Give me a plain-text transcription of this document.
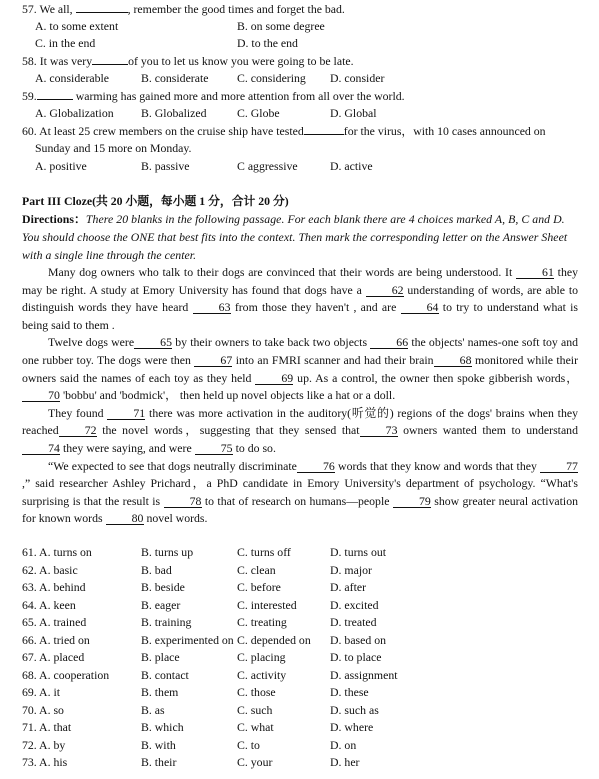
57. We all,	, remember the good times and forget the bad.
A. to some extent	B. on some degree
C. in the end	D. to the end
58. It was very	of you to let us know you were going to be late.
A. considerable	B. considerate C. considering D. consider
59.	warming has gained more and more attention from all over the world.
A. Globalization B. Globalized	C. Globe	D. Global
60. At least 25 crew members on the cruise ship have tested	for the virus，with 10 cases announced on
Sunday and 15 more on Monday.
A. positive	B. passive	C aggressive	D. active
Part III Cloze(共 20 小题，每小题 1 分，合计 20 分)
Directions：There 20 blanks in the following passage. For each blank there are 4 choices marked A, B, C and D.
You should choose the ONE that best fits into the context. Then mark the corresponding letter on the Answer Sheet
with a single line through the center.

Many dog owners who talk to their dogs are convinced that their words are being understood. It 61 they may be right. A study at Emory University has found that dogs have a 62 understanding of words, are able to distinguish words they have heard 63 from those they haven't , and are 64 to try to understand what is being said to them .

Twelve dogs were 65 by their owners to take back two objects 66 the objects' names-one soft toy and one rubber toy. The dogs were then 67 into an FMRI scanner and had their brain 68 monitored while their owners said the names of each toy as they held 69 up. As a control, the owner then spoke gibberish words，70 'bobbu' and 'bodmick'， then held up novel objects like a hat or a doll.

They found 71 there was more activation in the auditory(听觉的) regions of the dogs' brains when they reached 72 the novel words，suggesting that they sensed that 73 owners wanted them to understand 74 they were saying, and were 75 to do so.

“We expected to see that dogs neutrally discriminate 76 words that they know and words that they 77,” said researcher Ashley Prichard，a PhD candidate in Emory University's department of psychology. “What's surprising is that the result is 78 to that of research on humans—people 79 show greater neural activation for known words 80 novel words.

61. A. turns on	B. turns up	C. turns off	D. turns out
62. A. basic	B. bad	C. clean	D. major
63. A. behind	B. beside	C. before	D. after
64. A. keen	B. eager	C. interested	D. excited
65. A. trained	B. training	C. treating	D. treated
66. A. tried on	B. experimented on C. depended on D. based on
67. A. placed	B. place	C. placing	D. to place
68. A. cooperation	B. contact	C. activity	D. assignment
69. A. it	B. them	C. those	D. these
70. A. so	B. as	C. such	D. such as
71. A. that	B. which	C. what	D. where
72. A. by	B. with	C. to	D. on
73. A. his	B. their	C. your	D. her
